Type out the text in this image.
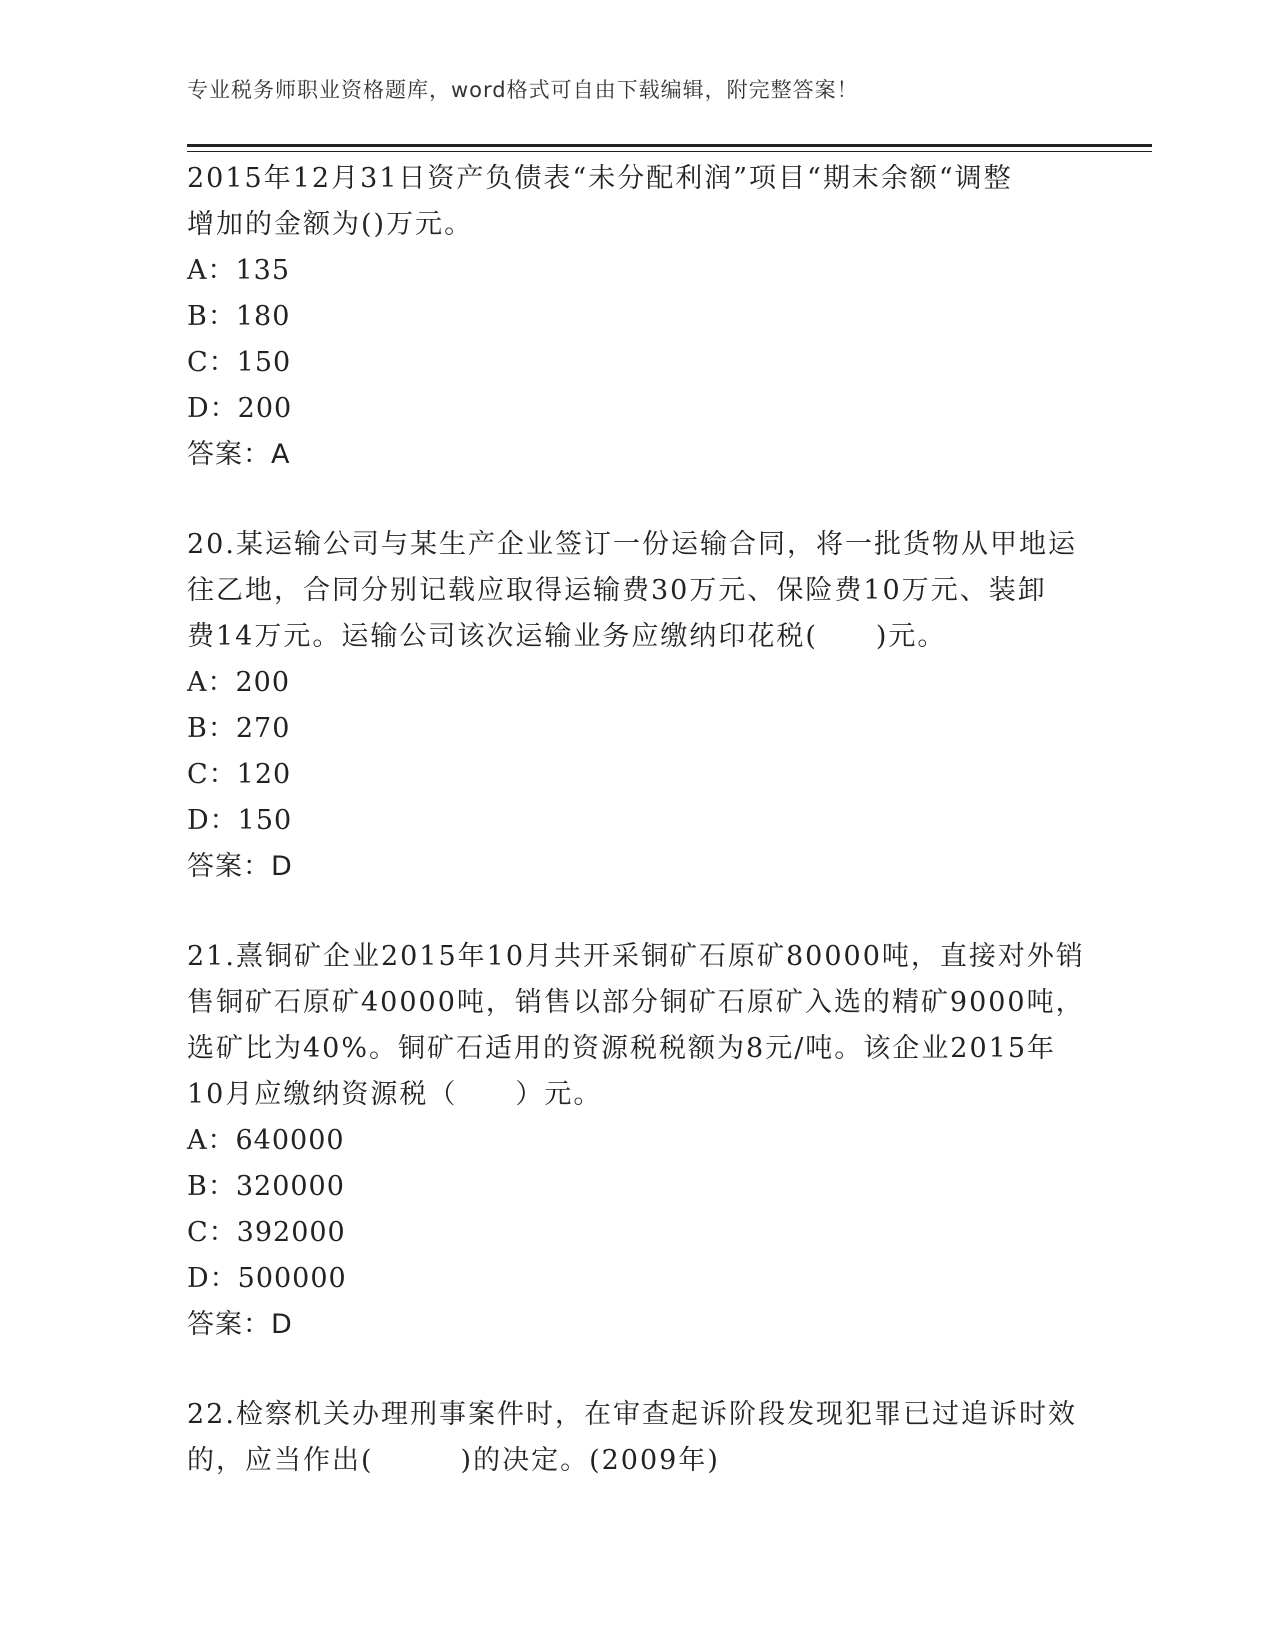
专业税务师职业资格题库，word格式可自由下载编辑，附完整答案！
2015年12月31日资产负债表“未分配利润”项目“期末余额“调整
增加的金额为()万元。
A：135
B：180
C：150
D：200
答案：A
20.某运输公司与某生产企业签订一份运输合同，将一批货物从甲地运
往乙地，合同分别记载应取得运输费30万元、保险费10万元、装卸
费14万元。运输公司该次运输业务应缴纳印花税(　　)元。
A：200
B：270
C：120
D：150
答案：D
21.熹铜矿企业2015年10月共开采铜矿石原矿80000吨，直接对外销
售铜矿石原矿40000吨，销售以部分铜矿石原矿入选的精矿9000吨，
选矿比为40%。铜矿石适用的资源税税额为8元/吨。该企业2015年
10月应缴纳资源税（　　）元。
A：640000
B：320000
C：392000
D：500000
答案：D
22.检察机关办理刑事案件时，在审查起诉阶段发现犯罪已过追诉时效
的，应当作出(　　　)的决定。(2009年)
